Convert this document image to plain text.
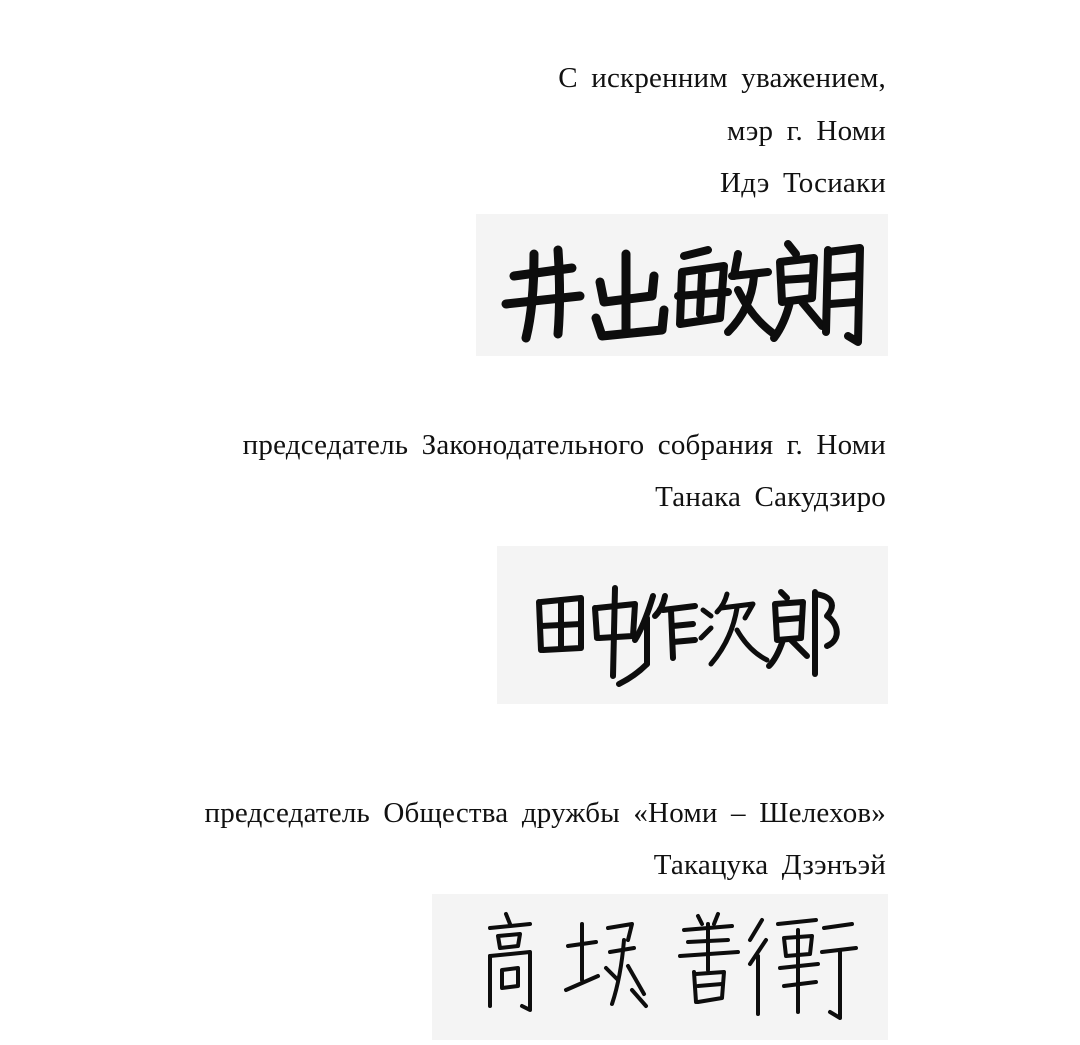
С искренним уважением,
мэр г. Номи
Идэ Тосиаки
председатель Законодательного собрания г. Номи
Танака Сакудзиро
председатель Общества дружбы «Номи – Шелехов»
Такацука Дзэнъэй
